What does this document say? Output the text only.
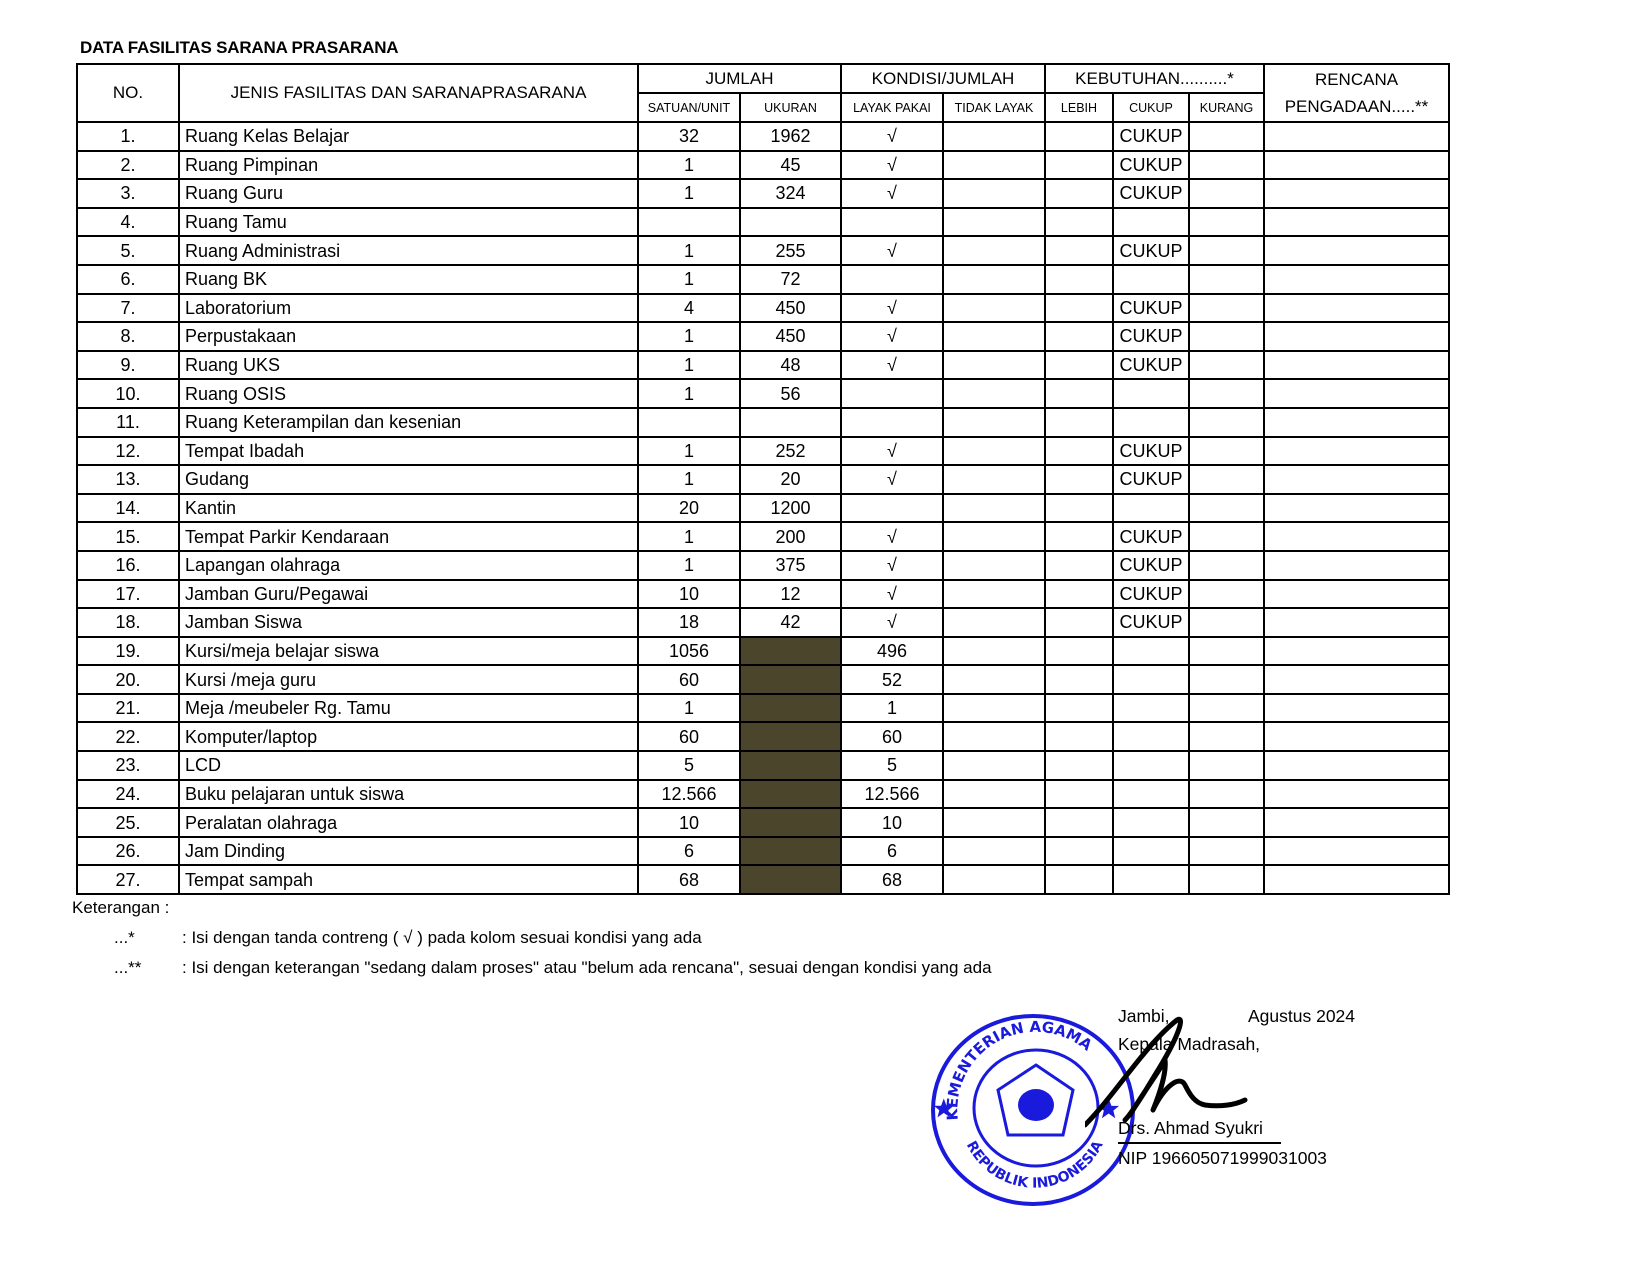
DATA FASILITAS SARANA PRASARANA
NO.	JENIS FASILITAS DAN SARANAPRASARANA	JUMLAH		KONDISI/JUMLAH		KEBUTUHAN..........*			RENCANA
PENGADAAN.....**

		SATUAN/UNIT	UKURAN	LAYAK PAKAI	TIDAK LAYAK	LEBIH	CUKUP	KURANG	
1.	Ruang Kelas Belajar	32	1962	√			CUKUP		
2.	Ruang Pimpinan	1	45	√			CUKUP		
3.	Ruang Guru	1	324	√			CUKUP		
4.	Ruang Tamu								
5.	Ruang Administrasi	1	255	√			CUKUP		
6.	Ruang BK	1	72						
7.	Laboratorium	4	450	√			CUKUP		
8.	Perpustakaan	1	450	√			CUKUP		
9.	Ruang UKS	1	48	√			CUKUP		
10.	Ruang OSIS	1	56						
11.	Ruang Keterampilan dan kesenian								
12.	Tempat Ibadah	1	252	√			CUKUP		
13.	Gudang	1	20	√			CUKUP		
14.	Kantin	20	1200						
15.	Tempat Parkir Kendaraan	1	200	√			CUKUP		
16.	Lapangan olahraga	1	375	√			CUKUP		
17.	Jamban Guru/Pegawai	10	12	√			CUKUP		
18.	Jamban Siswa	18	42	√			CUKUP		
19.	Kursi/meja belajar siswa	1056		496					
20.	Kursi /meja guru	60		52					
21.	Meja /meubeler Rg. Tamu	1		1					
22.	Komputer/laptop	60		60					
23.	LCD	5		5					
24.	Buku pelajaran untuk siswa	12.566		12.566					
25.	Peralatan olahraga	10		10					
26.	Jam Dinding	6		6					
27.	Tempat sampah	68		68					
Keterangan :
...*	: Isi dengan tanda contreng ( √ ) pada kolom sesuai kondisi yang ada
...** : Isi dengan keterangan "sedang dalam proses" atau "belum ada rencana", sesuai dengan kondisi yang ada
KEMENTERIAN AGAMA
REPUBLIK INDONESIA
Jambi,	Agustus 2024
Kepala Madrasah,
Drs. Ahmad Syukri
NIP 196605071999031003
